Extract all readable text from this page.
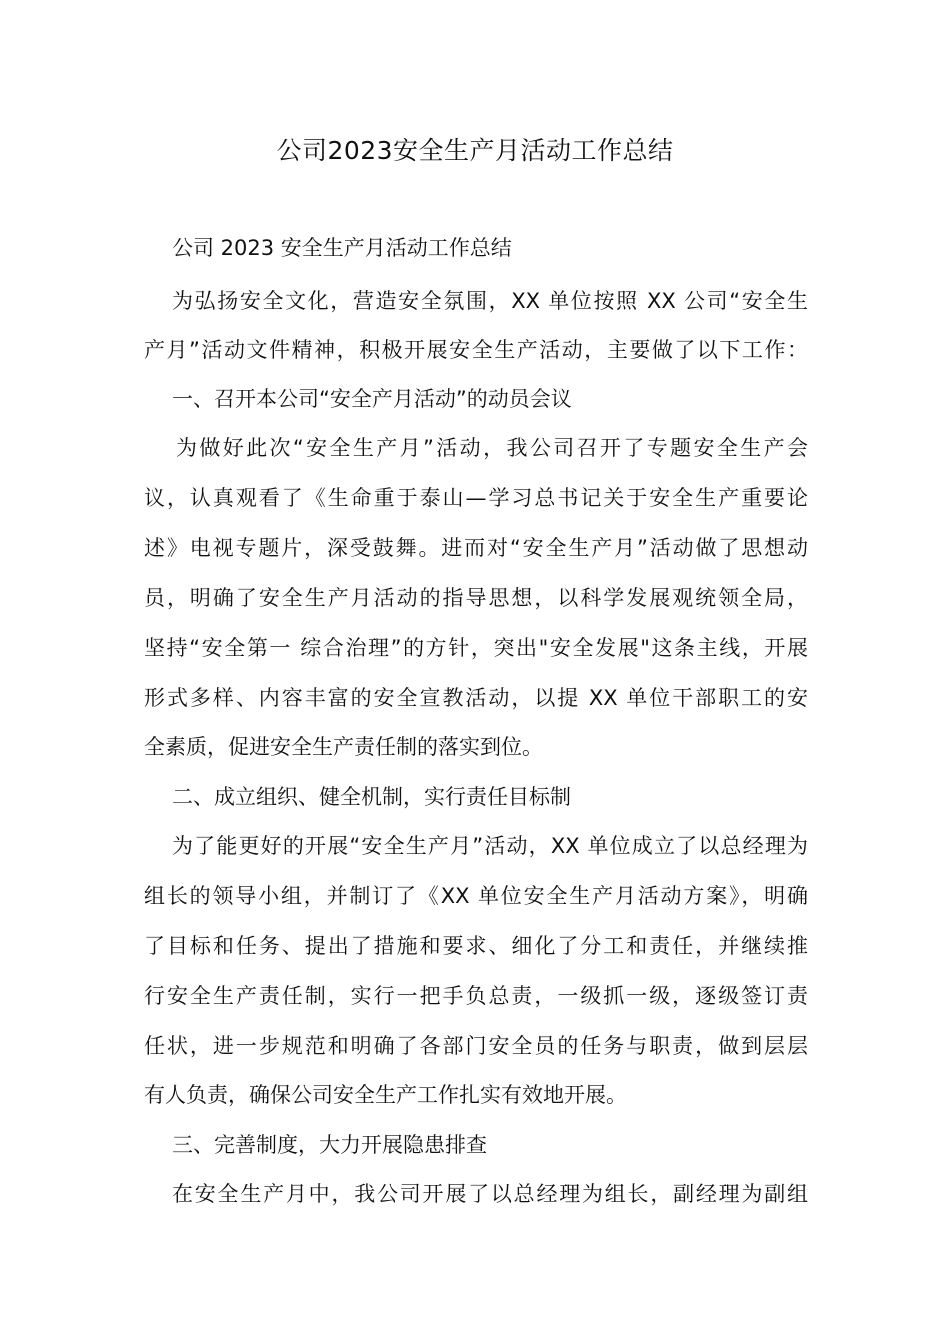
公司2023安全生产月活动工作总结
公司 2023 安全生产月活动工作总结
为弘扬安全文化，营造安全氛围，XX 单位按照 XX 公司“安全生
产月”活动文件精神，积极开展安全生产活动，主要做了以下工作：
一、召开本公司“安全产月活动”的动员会议
为做好此次“安全生产月”活动，我公司召开了专题安全生产会
议，认真观看了《生命重于泰山—学习总书记关于安全生产重要论
述》电视专题片，深受鼓舞。进而对“安全生产月”活动做了思想动
员，明确了安全生产月活动的指导思想，以科学发展观统领全局，
坚持“安全第一 综合治理”的方针，突出"安全发展"这条主线，开展
形式多样、内容丰富的安全宣教活动，以提 XX 单位干部职工的安
全素质，促进安全生产责任制的落实到位。
二、成立组织、健全机制，实行责任目标制
为了能更好的开展“安全生产月”活动，XX 单位成立了以总经理为
组长的领导小组，并制订了《XX 单位安全生产月活动方案》，明确
了目标和任务、提出了措施和要求、细化了分工和责任，并继续推
行安全生产责任制，实行一把手负总责，一级抓一级，逐级签订责
任状，进一步规范和明确了各部门安全员的任务与职责，做到层层
有人负责，确保公司安全生产工作扎实有效地开展。
三、完善制度，大力开展隐患排查
在安全生产月中，我公司开展了以总经理为组长，副经理为副组
